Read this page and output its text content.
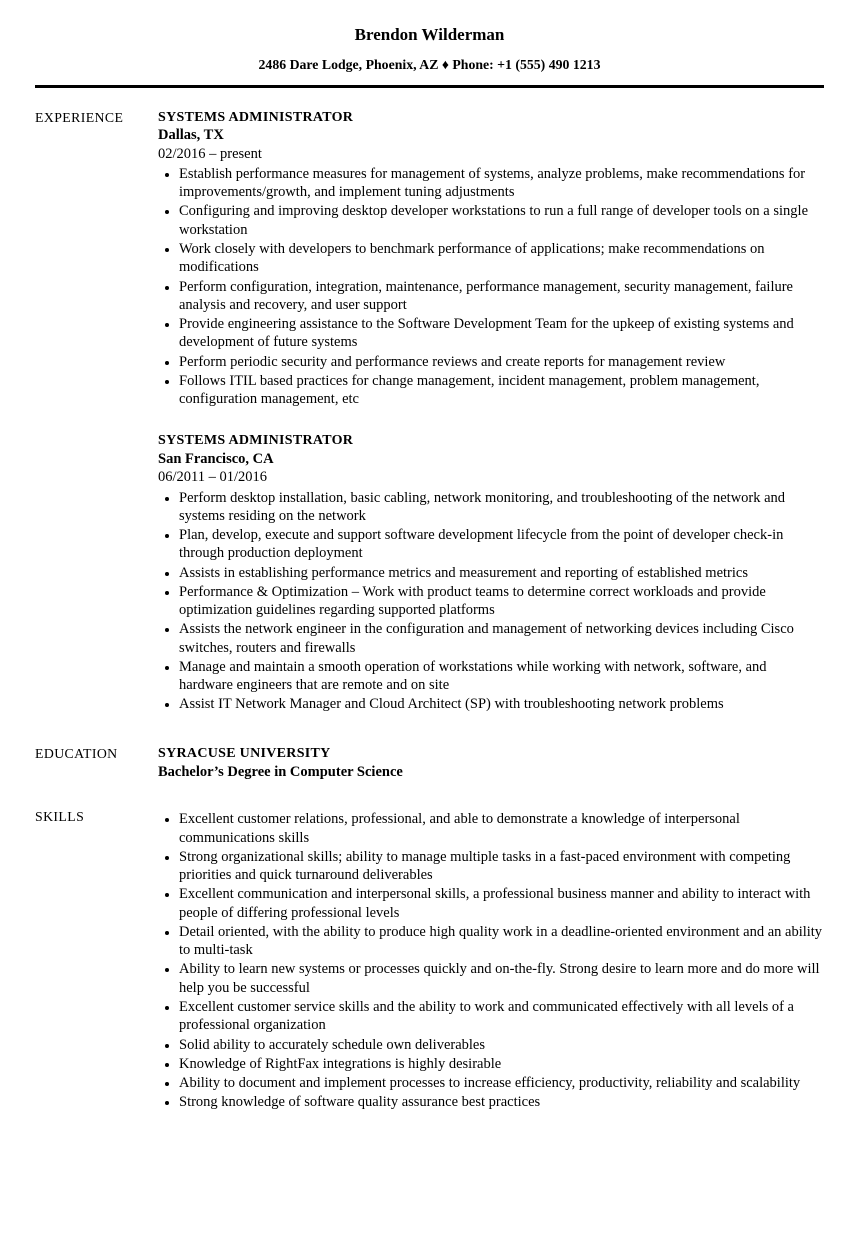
Brendon Wilderman
2486 Dare Lodge, Phoenix, AZ ♦ Phone: +1 (555) 490 1213
EXPERIENCE	SYSTEMS ADMINISTRATOR
Dallas, TX
02/2016 – present
• Establish performance measures for management of systems, analyze problems, make recommendations for improvements/growth, and implement tuning adjustments
• Configuring and improving desktop developer workstations to run a full range of developer tools on a single workstation
• Work closely with developers to benchmark performance of applications; make recommendations on modifications
• Perform configuration, integration, maintenance, performance management, security management, failure analysis and recovery, and user support
• Provide engineering assistance to the Software Development Team for the upkeep of existing systems and development of future systems
• Perform periodic security and performance reviews and create reports for management review
• Follows ITIL based practices for change management, incident management, problem management, configuration management, etc
SYSTEMS ADMINISTRATOR
San Francisco, CA
06/2011 – 01/2016
• Perform desktop installation, basic cabling, network monitoring, and troubleshooting of the network and systems residing on the network
• Plan, develop, execute and support software development lifecycle from the point of developer check-in through production deployment
• Assists in establishing performance metrics and measurement and reporting of established metrics
• Performance & Optimization – Work with product teams to determine correct workloads and provide optimization guidelines regarding supported platforms
• Assists the network engineer in the configuration and management of networking devices including Cisco switches, routers and firewalls
• Manage and maintain a smooth operation of workstations while working with network, software, and hardware engineers that are remote and on site
• Assist IT Network Manager and Cloud Architect (SP) with troubleshooting network problems
EDUCATION	SYRACUSE UNIVERSITY
Bachelor’s Degree in Computer Science
SKILLS	• Excellent customer relations, professional, and able to demonstrate a knowledge of interpersonal communications skills
• Strong organizational skills; ability to manage multiple tasks in a fast-paced environment with competing priorities and quick turnaround deliverables
• Excellent communication and interpersonal skills, a professional business manner and ability to interact with people of differing professional levels
• Detail oriented, with the ability to produce high quality work in a deadline-oriented environment and an ability to multi-task
• Ability to learn new systems or processes quickly and on-the-fly. Strong desire to learn more and do more will help you be successful
• Excellent customer service skills and the ability to work and communicated effectively with all levels of a professional organization
• Solid ability to accurately schedule own deliverables
• Knowledge of RightFax integrations is highly desirable
• Ability to document and implement processes to increase efficiency, productivity, reliability and scalability
• Strong knowledge of software quality assurance best practices
